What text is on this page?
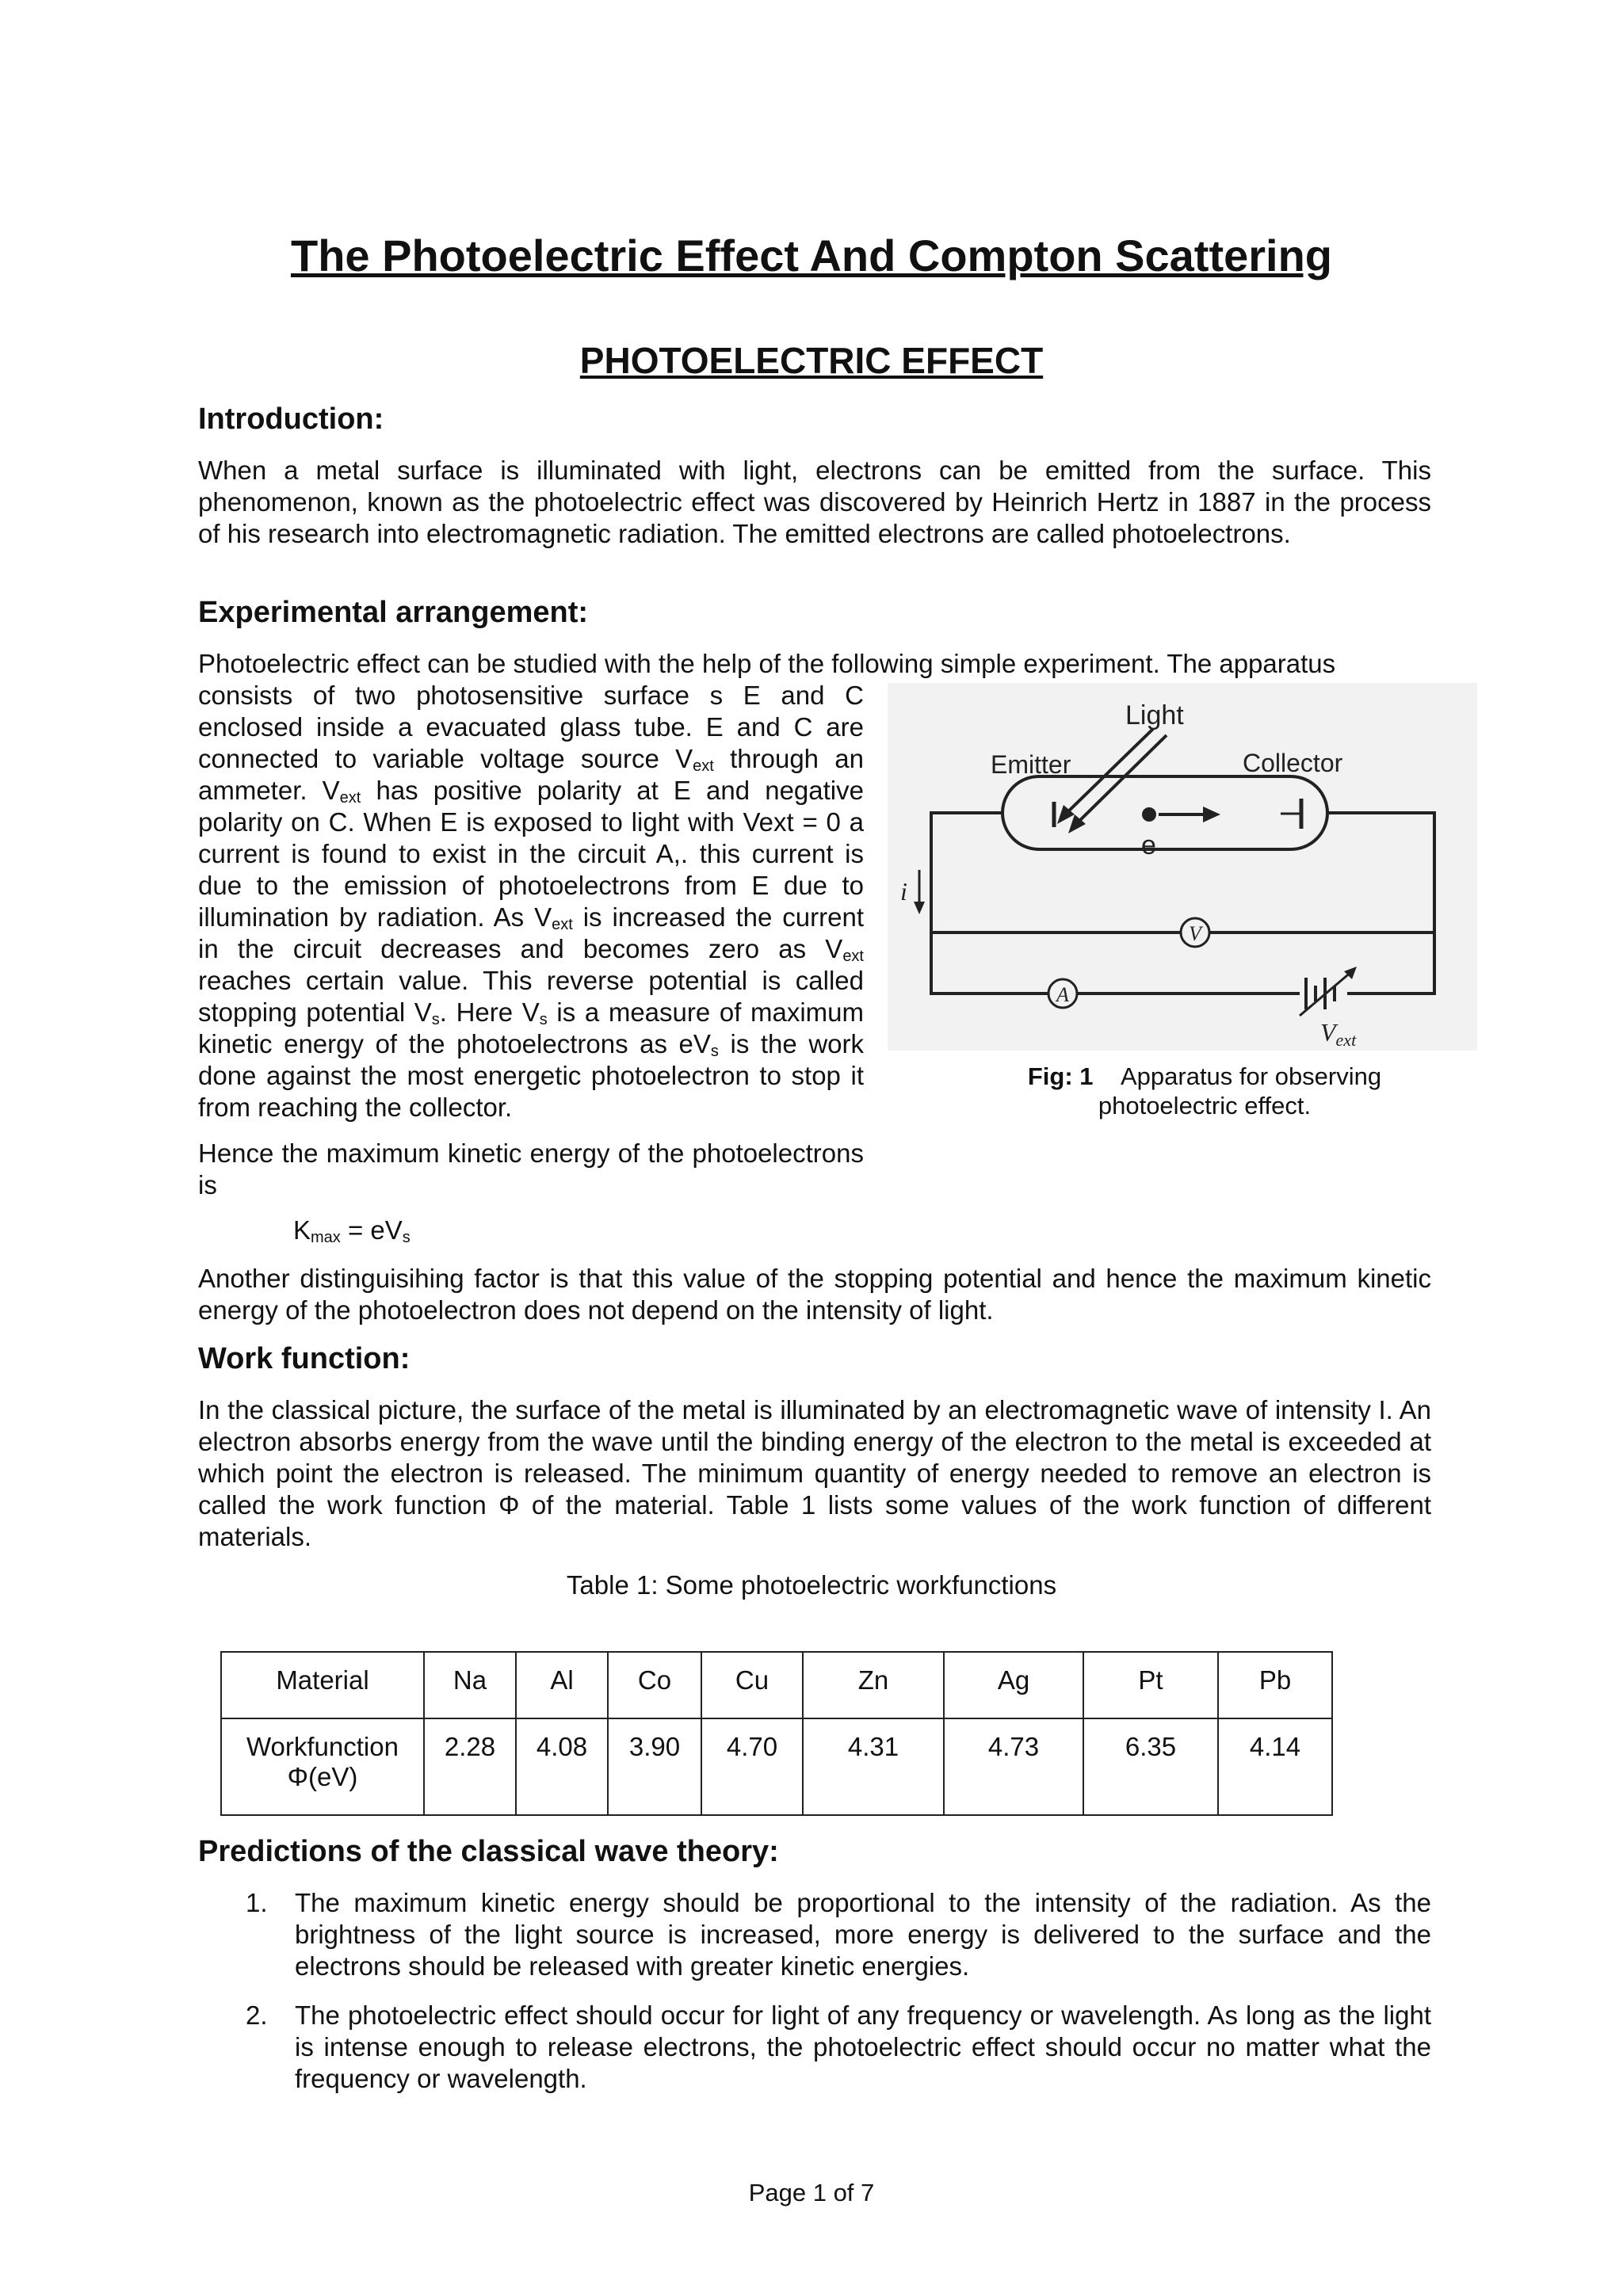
The Photoelectric Effect And Compton Scattering
PHOTOELECTRIC EFFECT
Introduction:

When a metal surface is illuminated with light, electrons can be emitted from the surface. This phenomenon, known as the photoelectric effect was discovered by Heinrich Hertz in 1887 in the process of his research into electromagnetic radiation. The emitted electrons are called photoelectrons.

Experimental arrangement:

Photoelectric effect can be studied with the help of the following simple experiment. The apparatus

consists of two photosensitive surface s E and C enclosed inside a evacuated glass tube. E and C are connected to variable voltage source $V_{ext}$ through an ammeter. $V_{ext}$ has positive polarity at E and negative polarity on C. When E is exposed to light with Vext = 0 a current is found to exist in the circuit A,. this current is due to the emission of photoelectrons from E due to illumination by radiation. As $V_{ext}$ is increased the current in the circuit decreases and becomes zero as $V_{ext}$ reaches certain value. This reverse potential is called stopping potential $V_s$. Here $V_s$ is a measure of maximum kinetic energy of the photoelectrons as $eV_s$ is the work done against the most energetic photoelectron to stop it from reaching the collector.

Hence the maximum kinetic energy of the photoelectrons is

$K_{max} = eV_s$

Another distinguisihing factor is that this value of the stopping potential and hence the maximum kinetic energy of the photoelectron does not depend on the intensity of light.

Light
Emitter	Collector
e
i
V
A
Vext
Fig: 1 Apparatus for observing photoelectric effect.
Work function:

In the classical picture, the surface of the metal is illuminated by an electromagnetic wave of intensity I. An electron absorbs energy from the wave until the binding energy of the electron to the metal is exceeded at which point the electron is released. The minimum quantity of energy needed to remove an electron is called the work function Φ of the material. Table 1 lists some values of the work function of different materials.

Table 1: Some photoelectric workfunctions
Material	Na	Al	Co	Cu	Zn	Ag	Pt	Pb
Workfunction
Φ(eV)	2.28	4.08	3.90	4.70	4.31	4.73	6.35	4.14
Predictions of the classical wave theory:
1. The maximum kinetic energy should be proportional to the intensity of the radiation. As the brightness of the light source is increased, more energy is delivered to the surface and the electrons should be released with greater kinetic energies.
2. The photoelectric effect should occur for light of any frequency or wavelength. As long as the light is intense enough to release electrons, the photoelectric effect should occur no matter what the frequency or wavelength.
Page 1 of 7
